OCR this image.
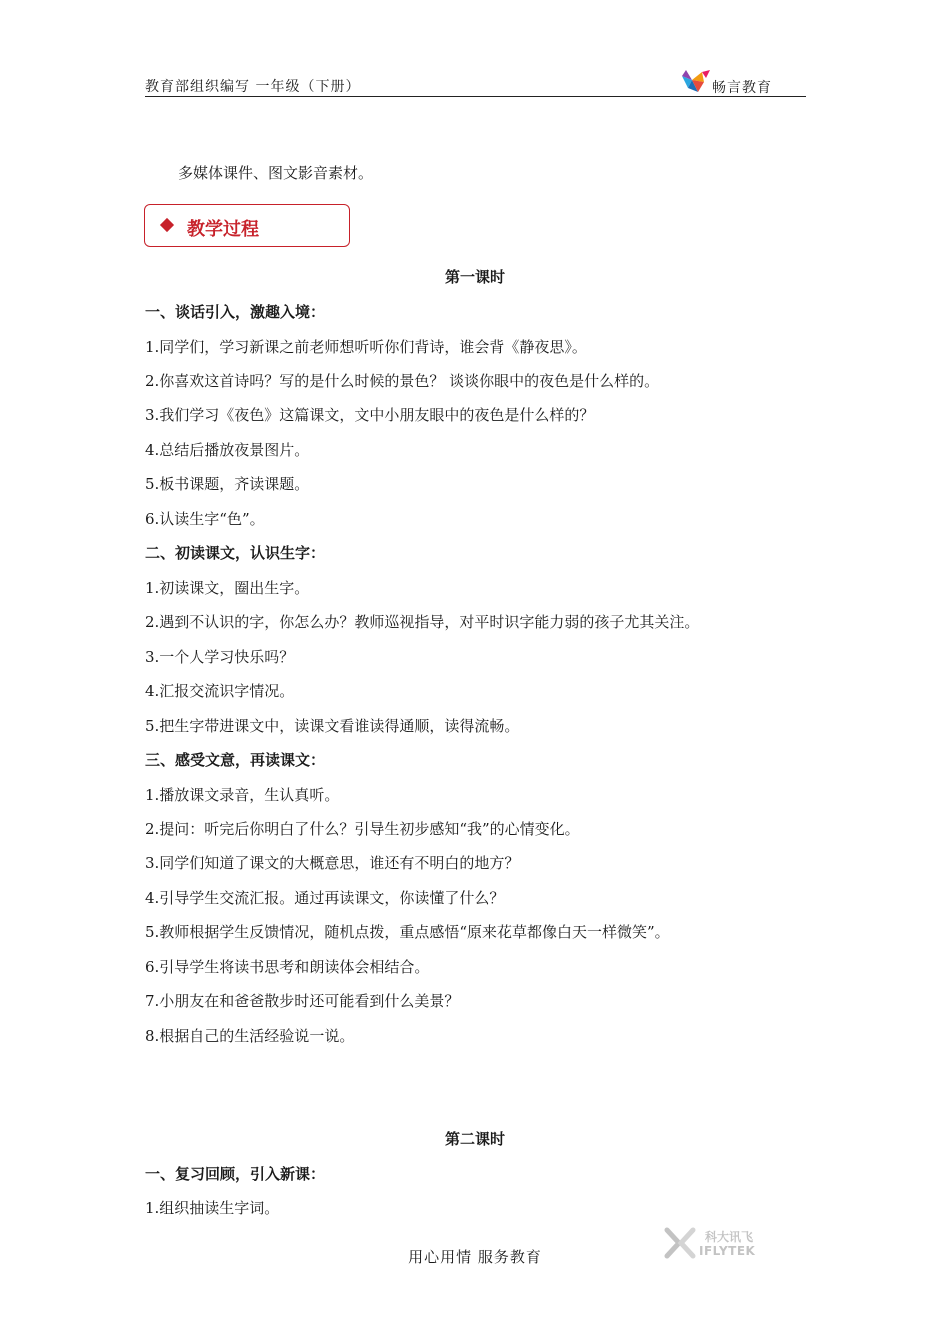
教育部组织编写 一年级（下册）	畅言教育
多媒体课件、图文影音素材。
教学过程
第一课时
一、谈话引入，激趣入境：
1.同学们，学习新课之前老师想听听你们背诗，谁会背《静夜思》。
2.你喜欢这首诗吗？写的是什么时候的景色？ 谈谈你眼中的夜色是什么样的。
3.我们学习《夜色》这篇课文，文中小朋友眼中的夜色是什么样的？
4.总结后播放夜景图片。
5.板书课题，齐读课题。
6.认读生字“色”。
二、初读课文，认识生字：
1.初读课文，圈出生字。
2.遇到不认识的字，你怎么办？教师巡视指导，对平时识字能力弱的孩子尤其关注。
3.一个人学习快乐吗？
4.汇报交流识字情况。
5.把生字带进课文中，读课文看谁读得通顺，读得流畅。
三、感受文意，再读课文：
1.播放课文录音，生认真听。
2.提问：听完后你明白了什么？引导生初步感知“我”的心情变化。
3.同学们知道了课文的大概意思，谁还有不明白的地方？
4.引导学生交流汇报。通过再读课文，你读懂了什么？
5.教师根据学生反馈情况，随机点拨，重点感悟“原来花草都像白天一样微笑”。
6.引导学生将读书思考和朗读体会相结合。
7.小朋友在和爸爸散步时还可能看到什么美景？
8.根据自己的生活经验说一说。
第二课时
一、复习回顾，引入新课：
1.组织抽读生字词。
用心用情 服务教育
科大讯飞
IFLYTEK
